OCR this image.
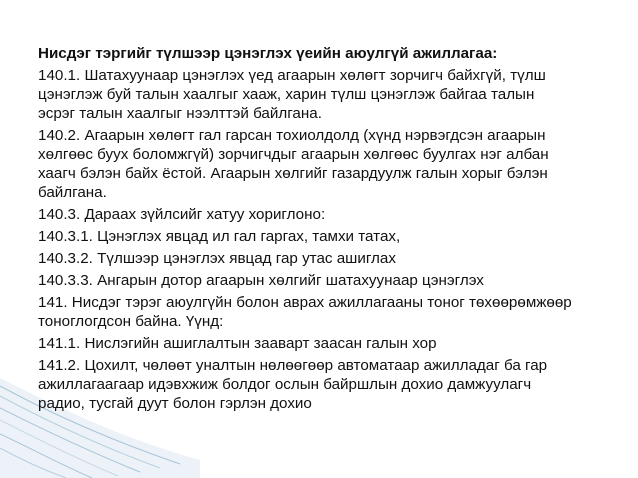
Нисдэг тэргийг түлшээр цэнэглэх үеийн аюулгүй ажиллагаа:
140.1. Шатахуунаар цэнэглэх үед агаарын хөлөгт зорчигч байхгүй, түлш
цэнэглэж буй талын хаалгыг хааж, харин түлш цэнэглэж байгаа талын
эсрэг талын хаалгыг нээлттэй байлгана.
140.2. Агаарын хөлөгт гал гарсан тохиолдолд (хүнд нэрвэгдсэн агаарын
хөлгөөс буух боломжгүй) зорчигчдыг агаарын хөлгөөс буулгах нэг албан
хаагч бэлэн байх ёстой. Агаарын хөлгийг газардуулж галын хорыг бэлэн
байлгана.
140.3. Дараах зүйлсийг хатуу хориглоно:
140.3.1. Цэнэглэх явцад ил гал гаргах, тамхи татах,
140.3.2. Түлшээр цэнэглэх явцад гар утас ашиглах
140.3.3. Ангарын дотор агаарын хөлгийг шатахуунаар цэнэглэх
141. Нисдэг тэрэг аюулгүйн болон аврах ажиллагааны тоног төхөөрөмжөөр
тоноглогдсон байна. Үүнд:
141.1. Нислэгийн ашиглалтын зааварт заасан галын хор
141.2. Цохилт, чөлөөт уналтын нөлөөгөөр автоматаар ажилладаг ба гар
ажиллагаагаар идэвхжиж болдог ослын байршлын дохио дамжуулагч
радио, тусгай дуут болон гэрлэн дохио
